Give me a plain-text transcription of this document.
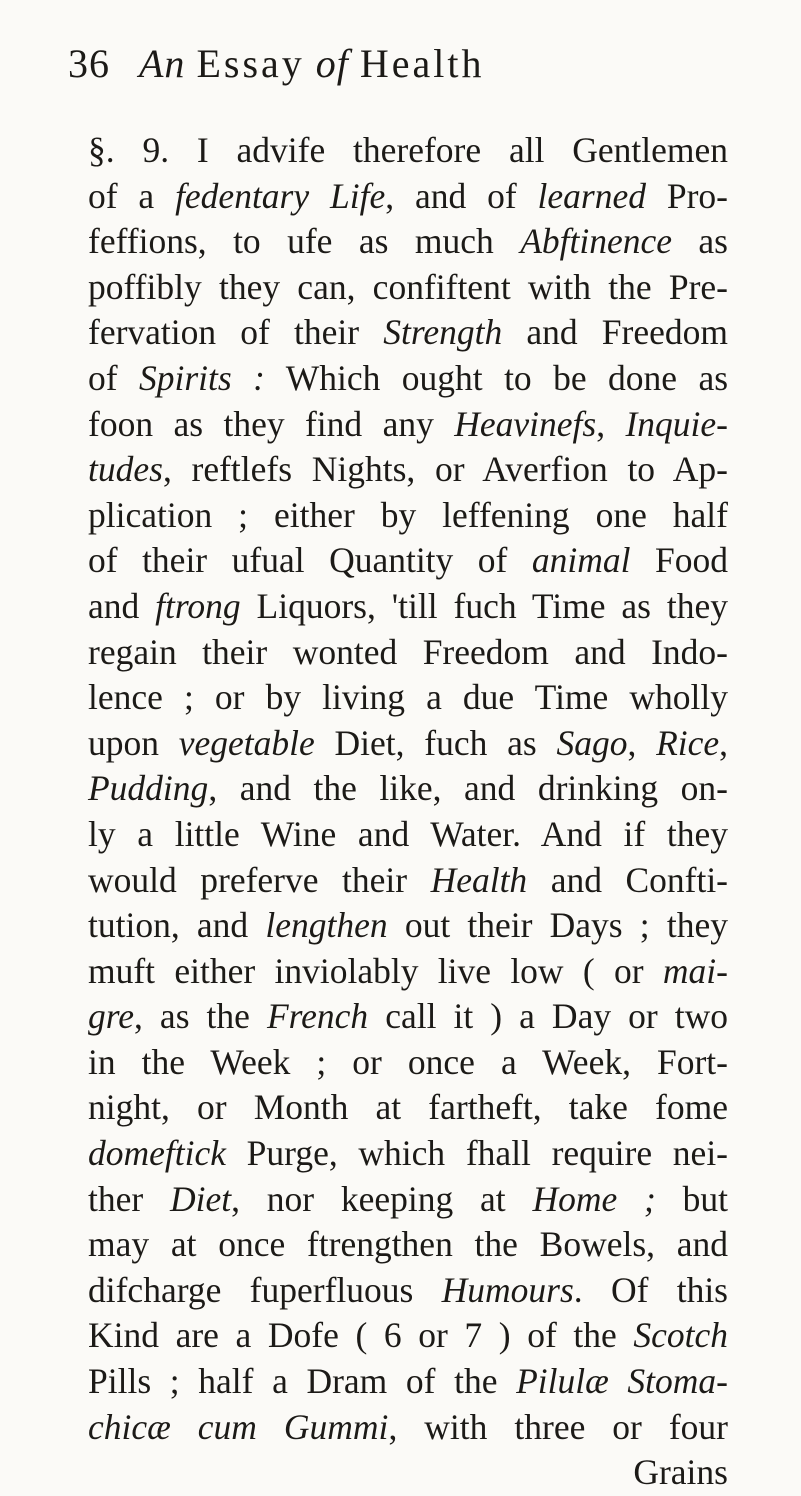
36 An Essay of Health
§. 9. I advife therefore all Gentlemen
of a fedentary Life, and of learned Pro-
feffions, to ufe as much Abftinence as
poffibly they can, confiftent with the Pre-
fervation of their Strength and Freedom
of Spirits : Which ought to be done as
foon as they find any Heavinefs, Inquie-
tudes, reftlefs Nights, or Averfion to Ap-
plication ; either by leffening one half
of their ufual Quantity of animal Food
and ftrong Liquors, 'till fuch Time as they
regain their wonted Freedom and Indo-
lence ; or by living a due Time wholly
upon vegetable Diet, fuch as Sago, Rice,
Pudding, and the like, and drinking on-
ly a little Wine and Water. And if they
would preferve their Health and Confti-
tution, and lengthen out their Days ; they
muft either inviolably live low ( or mai-
gre, as the French call it ) a Day or two
in the Week ; or once a Week, Fort-
night, or Month at fartheft, take fome
domeftick Purge, which fhall require nei-
ther Diet, nor keeping at Home ; but
may at once ftrengthen the Bowels, and
difcharge fuperfluous Humours. Of this
Kind are a Dofe ( 6 or 7 ) of the Scotch
Pills ; half a Dram of the Pilulæ Stoma-
chicæ cum Gummi, with three or four
Grains
